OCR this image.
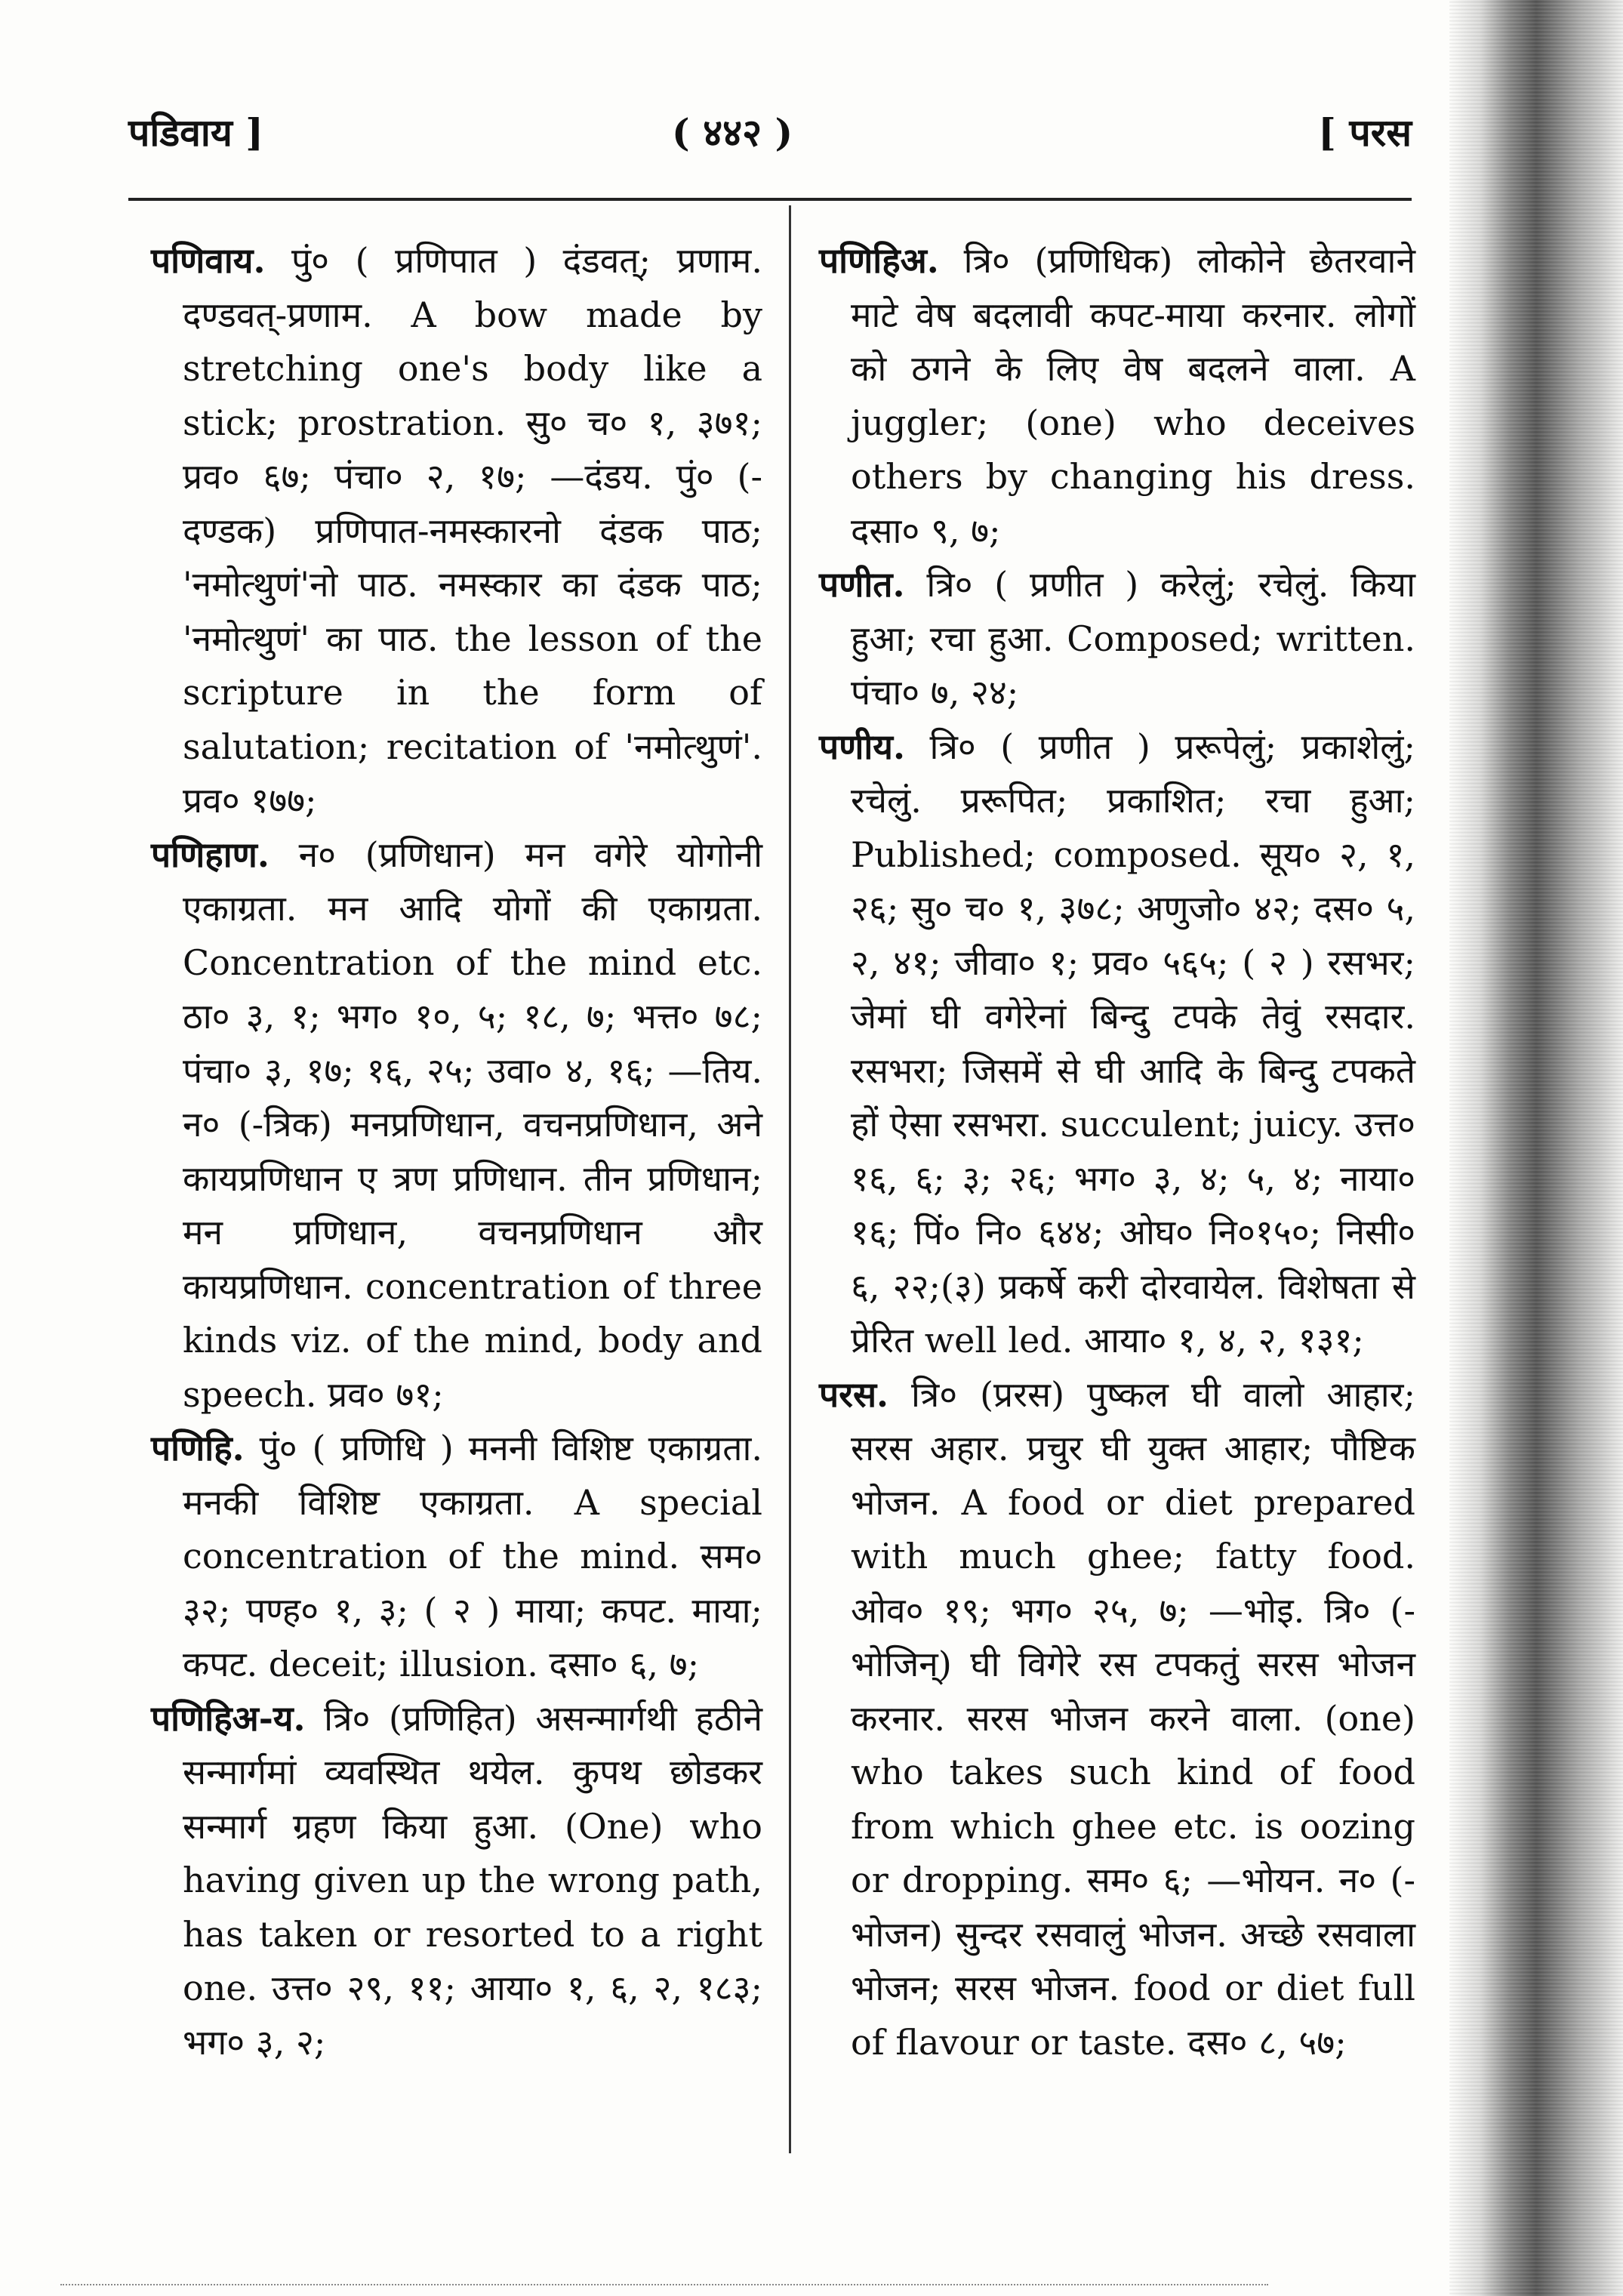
पडिवाय ]	( ४४२ )	[ परस

पणिवाय. पुं० ( प्रणिपात ) दंडवत्; प्रणाम. दण्डवत्-प्रणाम. A bow made by stretching one's body like a stick; prostration. सु० च० १, ३७१; प्रव० ६७; पंचा० २, १७; —दंडय. पुं० (-दण्डक) प्रणिपात-नमस्कारनो दंडक पाठ; 'नमोत्थुणं'नो पाठ. नमस्कार का दंडक पाठ; 'नमोत्थुणं' का पाठ. the lesson of the scripture in the form of salutation; recitation of 'नमोत्थुणं'. प्रव० १७७;

पणिहाण. न० (प्रणिधान) मन वगेरे योगोनी एकाग्रता. मन आदि योगों की एकाग्रता. Concentration of the mind etc. ठा० ३, १; भग० १०, ५; १८, ७; भत्त० ७८; पंचा० ३, १७; १६, २५; उवा० ४, १६; —तिय. न० (-त्रिक) मनप्रणिधान, वचनप्रणिधान, अने कायप्रणिधान ए त्रण प्रणिधान. तीन प्रणिधान; मन प्रणिधान, वचनप्रणिधान और कायप्रणिधान. concentration of three kinds viz. of the mind, body and speech. प्रव० ७१;

पणिहि. पुं० ( प्रणिधि ) मननी विशिष्ट एकाग्रता. मनकी विशिष्ट एकाग्रता. A special concentration of the mind. सम० ३२; पण्ह० १, ३; ( २ ) माया; कपट. माया; कपट. deceit; illusion. दसा० ६, ७;

पणिहिअ-य. त्रि० (प्रणिहित) असन्मार्गथी हठीने सन्मार्गमां व्यवस्थित थयेल. कुपथ छोडकर सन्मार्ग ग्रहण किया हुआ. (One) who having given up the wrong path, has taken or resorted to a right one. उत्त० २९, ११; आया० १, ६, २, १८३; भग० ३, २;

पणिहिअ. त्रि० (प्रणिधिक) लोकोने छेतरवाने माटे वेष बदलावी कपट-माया करनार. लोगों को ठगने के लिए वेष बदलने वाला. A juggler; (one) who deceives others by changing his dress. दसा० ९, ७;

पणीत. त्रि० ( प्रणीत ) करेलुं; रचेलुं. किया हुआ; रचा हुआ. Composed; written. पंचा० ७, २४;

पणीय. त्रि० ( प्रणीत ) प्ररूपेलुं; प्रकाशेलुं; रचेलुं. प्ररूपित; प्रकाशित; रचा हुआ; Published; composed. सूय० २, १, २६; सु० च० १, ३७८; अणुजो० ४२; दस० ५, २, ४१; जीवा० १; प्रव० ५६५; ( २ ) रसभर; जेमां घी वगेरेनां बिन्दु टपके तेवुं रसदार. रसभरा; जिसमें से घी आदि के बिन्दु टपकते हों ऐसा रसभरा. succulent; juicy. उत्त० १६, ६; ३; २६; भग० ३, ४; ५, ४; नाया० १६; पिं० नि० ६४४; ओघ० नि०१५०; निसी० ६, २२;(३) प्रकर्षे करी दोरवायेल. विशेषता से प्रेरित well led. आया० १, ४, २, १३१;

परस. त्रि० (प्ररस) पुष्कल घी वालो आहार; सरस अहार. प्रचुर घी युक्त आहार; पौष्टिक भोजन. A food or diet prepared with much ghee; fatty food. ओव० १९; भग० २५, ७; —भोइ. त्रि० (-भोजिन्) घी विगेरे रस टपकतुं सरस भोजन करनार. सरस भोजन करने वाला. (one) who takes such kind of food from which ghee etc. is oozing or dropping. सम० ६; —भोयन. न० (-भोजन) सुन्दर रसवालुं भोजन. अच्छे रसवाला भोजन; सरस भोजन. food or diet full of flavour or taste. दस० ८, ५७;
